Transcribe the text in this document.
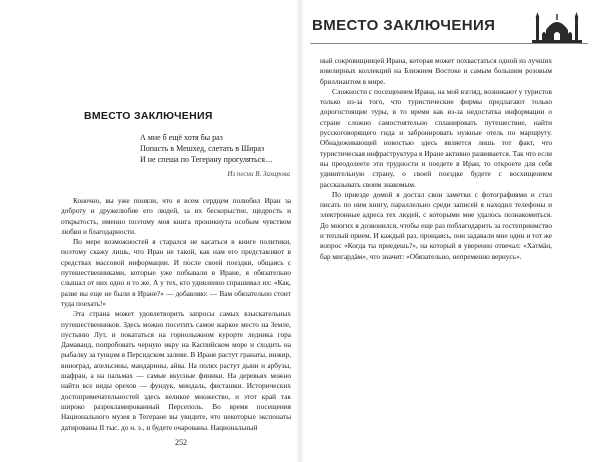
ВМЕСТО ЗАКЛЮЧЕНИЯ

А мне б ещё хотя бы раз

Попасть в Мешхед, слетать в Шираз

И не спеша по Тегерану прогуляться…

Из песни В. Захарова

Конечно, вы уже поняли, что я всем сердцем полюбил Иран за доброту и дружелюбие его людей, за их бескорыстие, щедрость и открытость, именно поэтому моя книга проникнута особым чувством любви и благодарности.

По мере возможностей я старался не касаться в книге политики, поэтому скажу лишь, что Иран не такой, как нам его представляют в средствах массовой информации. И после своей поездки, общаясь с путешественниками, которые уже побывали в Иране, я обязательно слышал от них одно и то же. А у тех, кто удивленно спрашивал их: «Как, разве вы еще не были в Иране?» — добавляю: — Вам обязательно стоит туда поехать!»

Эта страна может удовлетворить запросы самых взыскательных путешественников. Здесь можно посетить самое жаркое место на Земле, пустыню Лут, и покататься на горнолыжном курорте ледника гора Дамаванд, попробовать черную икру на Каспийском море и сходить на рыбалку за тунцом в Персидском заливе. В Иране растут гранаты, инжир, виноград, апельсины, мандарины, айва. На полях растут дыни и арбузы, шафран, а на пальмах — самые вкусные финики. На деревьях можно найти все виды орехов — фундук, миндаль, фисташки. Исторических достопримечательностей здесь великое множество, и этот край так широко разрекламированный Персеполь. Во время посещения Национального музея в Тегеране вы увидите, что некоторые экспонаты датированы II тыс. до н. э., и будете очарованы. Национальный

252

ВМЕСТО ЗАКЛЮЧЕНИЯ

ный сокровищницей Ирана, которая может похвастаться одной из лучших ювелирных коллекций на Ближнем Востоке и самым большим розовым бриллиантом в мире.

Сложности с посещением Ирана, на мой взгляд, возникают у туристов только из-за того, что туристические фирмы предлагают только дорогостоящие туры, в то время как из-за недостатка информации о стране сложно самостоятельно спланировать путешествие, найти русскоговорящего гида и забронировать нужные отель по маршруту. Обнадеживающей новостью здесь является лишь тот факт, что туристическая инфраструктура в Иране активно развивается. Так что если вы преодолеете эти трудности и поедете в Иран, то откроете для себя удивительную страну, о своей поездке будете с восхищением рассказывать своим знакомым.

По приезде домой я достал свои заметки с фотографиями и стал писать по ним книгу, параллельно среди записей я находил телефоны и электронные адреса тех людей, с которыми мне удалось познакомиться. До многих я дозвонился, чтобы еще раз поблагодарить за гостеприимство и теплый прием. И каждый раз, прощаясь, они задавали мне один и тот же вопрос «Когда ты приедешь?», на который я уверенно отвечал: «Хатмäн, бар мигардäм», что значит: «Обязательно, непременно вернусь».
